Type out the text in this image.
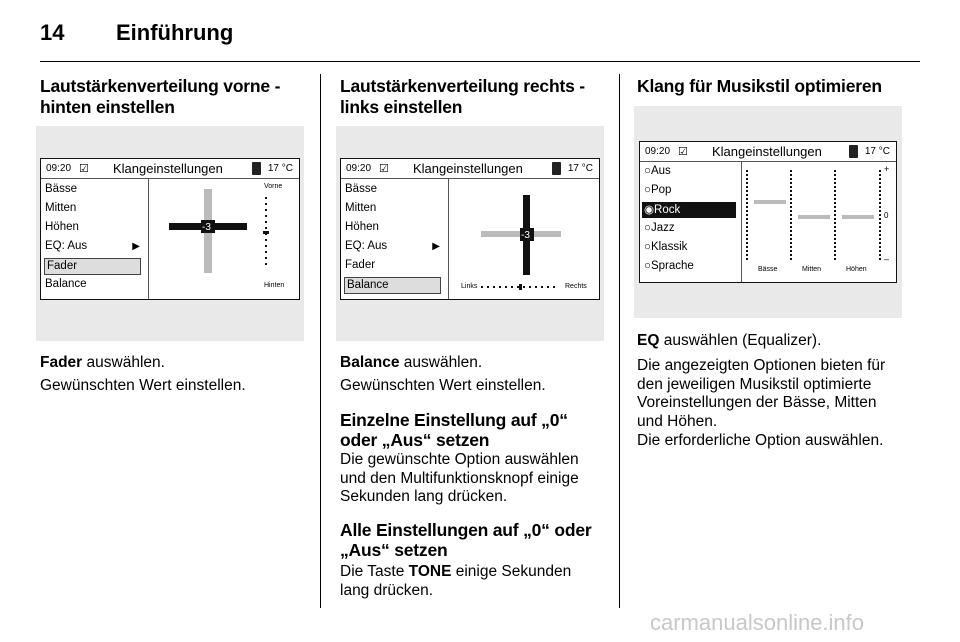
14 Einführung
Lautstärkenverteilung vorne -
hinten einstellen
09:20 ☑ Klangeinstellungen	17 °C
Bässe
Mitten
Höhen
EQ: Aus	▶
Fader
Balance
-3
Vorne
Hinten
Fader auswählen.
Gewünschten Wert einstellen.
Lautstärkenverteilung rechts -
links einstellen
09:20 ☑ Klangeinstellungen	17 °C
Bässe
Mitten
Höhen
EQ: Aus	▶
Fader
Balance
-3
Links	Rechts
Balance auswählen.
Gewünschten Wert einstellen.
Einzelne Einstellung auf „0“
oder „Aus“ setzen
Die gewünschte Option auswählen
und den Multifunktionsknopf einige
Sekunden lang drücken.
Alle Einstellungen auf „0“ oder
„Aus“ setzen
Die Taste TONE einige Sekunden
lang drücken.
Klang für Musikstil optimieren
09:20 ☑ Klangeinstellungen	17 °C
○Aus
○Pop
◉Rock
○Jazz
○Klassik
○Sprache
+
0
–
Bässe	Mitten	Höhen
EQ auswählen (Equalizer).
Die angezeigten Optionen bieten für
den jeweiligen Musikstil optimierte
Voreinstellungen der Bässe, Mitten
und Höhen.
Die erforderliche Option auswählen.
carmanualsonline.info
